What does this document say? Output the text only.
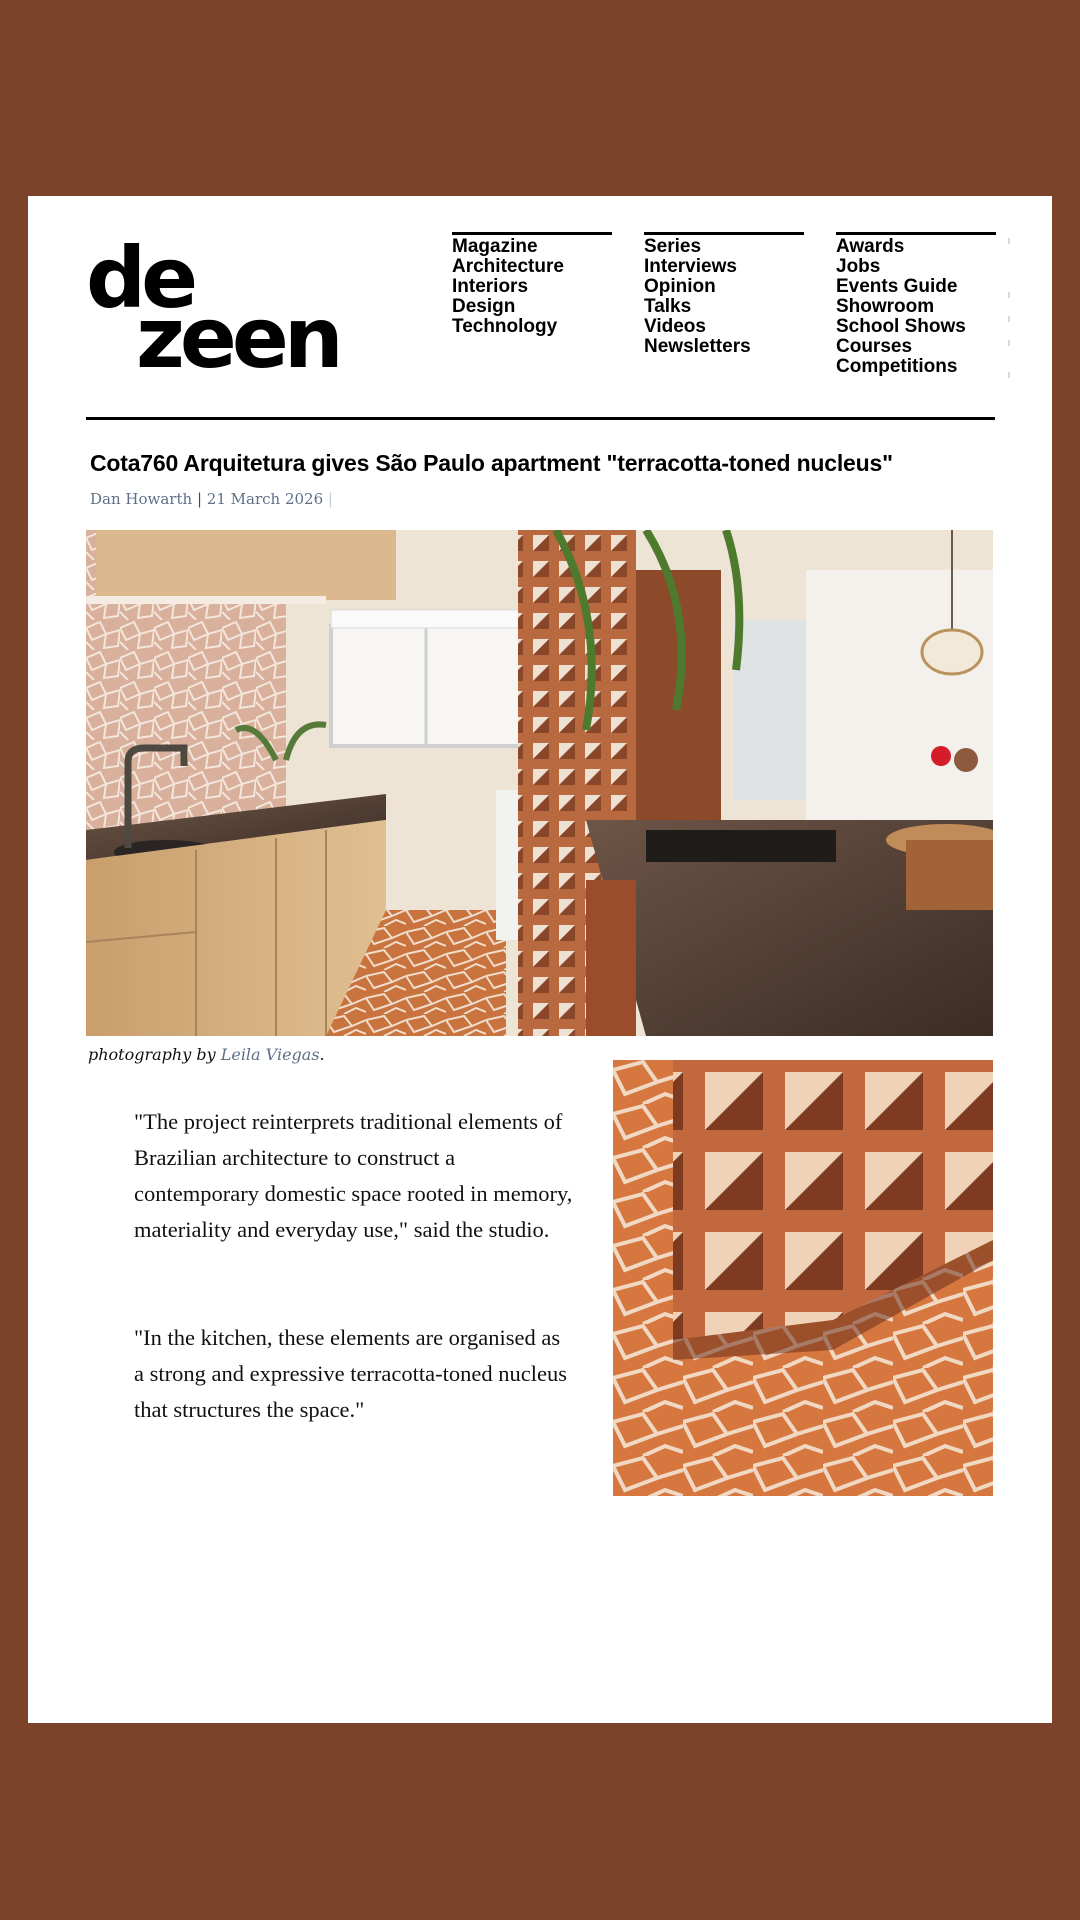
de
zeen
Magazine
Architecture
Interiors
Design
Technology
Series
Interviews
Opinion
Talks
Videos
Newsletters
Awards
Jobs
Events Guide
Showroom
School Shows
Courses
Competitions
Cota760 Arquitetura gives São Paulo apartment "terracotta-toned nucleus"
Dan Howarth | 21 March 2026 |

photography by Leila Viegas.

"The project reinterprets traditional elements of Brazilian architecture to construct a contemporary domestic space rooted in memory, materiality and everyday use," said the studio.

"In the kitchen, these elements are organised as a strong and expressive terracotta-toned nucleus that structures the space."
